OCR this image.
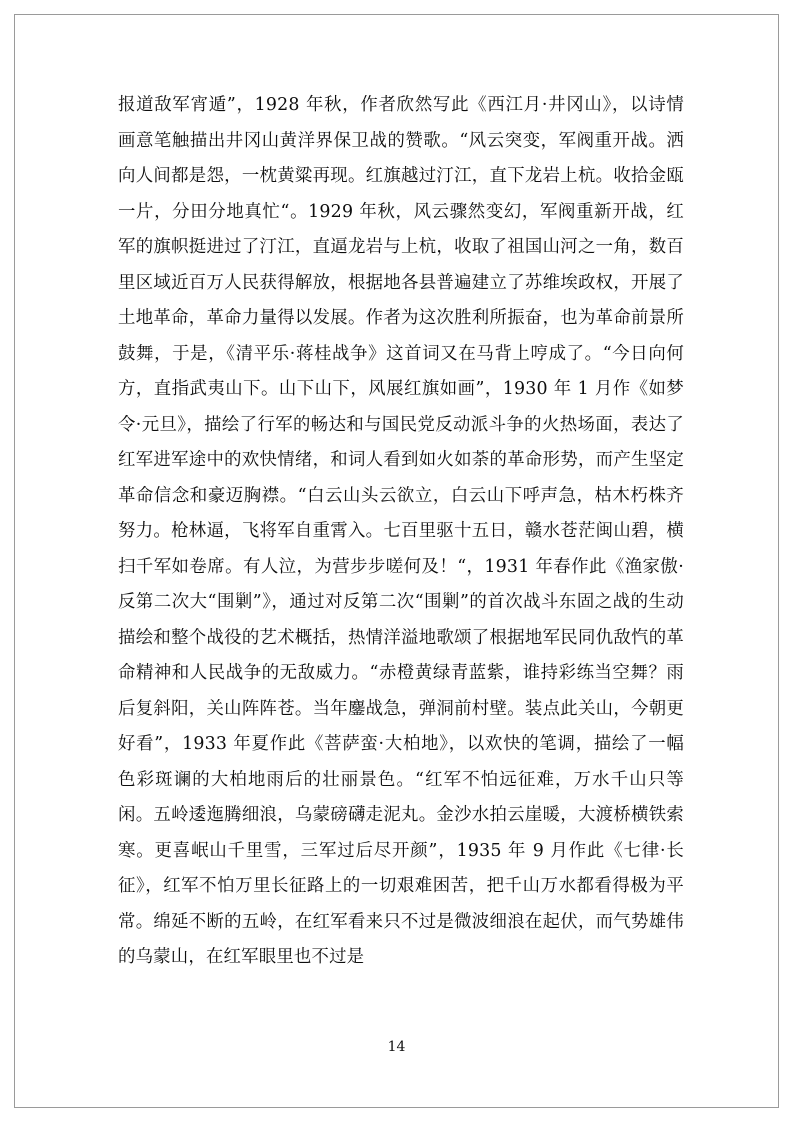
报道敌军宵遁”，1928 年秋，作者欣然写此《西江月·井冈山》，以诗情画意笔触描出井冈山黄洋界保卫战的赞歌。“风云突变，军阀重开战。洒向人间都是怨，一枕黄粱再现。红旗越过汀江，直下龙岩上杭。收拾金瓯一片，分田分地真忙“。1929 年秋，风云骤然变幻，军阀重新开战，红军的旗帜挺进过了汀江，直逼龙岩与上杭，收取了祖国山河之一角，数百里区域近百万人民获得解放，根据地各县普遍建立了苏维埃政权，开展了土地革命，革命力量得以发展。作者为这次胜利所振奋，也为革命前景所鼓舞，于是，《清平乐·蒋桂战争》这首词又在马背上哼成了。“今日向何方，直指武夷山下。山下山下，风展红旗如画”，1930 年 1 月作《如梦令·元旦》，描绘了行军的畅达和与国民党反动派斗争的火热场面，表达了红军进军途中的欢快情绪，和词人看到如火如荼的革命形势，而产生坚定革命信念和豪迈胸襟。“白云山头云欲立，白云山下呼声急，枯木朽株齐努力。枪林逼，飞将军自重霄入。七百里驱十五日，赣水苍茫闽山碧，横扫千军如卷席。有人泣，为营步步嗟何及！“，1931 年春作此《渔家傲·反第二次大“围剿”》，通过对反第二次“围剿”的首次战斗东固之战的生动描绘和整个战役的艺术概括，热情洋溢地歌颂了根据地军民同仇敌忾的革命精神和人民战争的无敌威力。“赤橙黄绿青蓝紫，谁持彩练当空舞？雨后复斜阳，关山阵阵苍。当年鏖战急，弹洞前村壁。装点此关山，今朝更好看”，1933 年夏作此《菩萨蛮·大柏地》，以欢快的笔调，描绘了一幅色彩斑谰的大柏地雨后的壮丽景色。“红军不怕远征难，万水千山只等闲。五岭逶迤腾细浪，乌蒙磅礴走泥丸。金沙水拍云崖暖，大渡桥横铁索寒。更喜岷山千里雪，三军过后尽开颜”，1935 年 9 月作此《七律·长征》，红军不怕万里长征路上的一切艰难困苦，把千山万水都看得极为平常。绵延不断的五岭，在红军看来只不过是微波细浪在起伏，而气势雄伟的乌蒙山，在红军眼里也不过是

14
